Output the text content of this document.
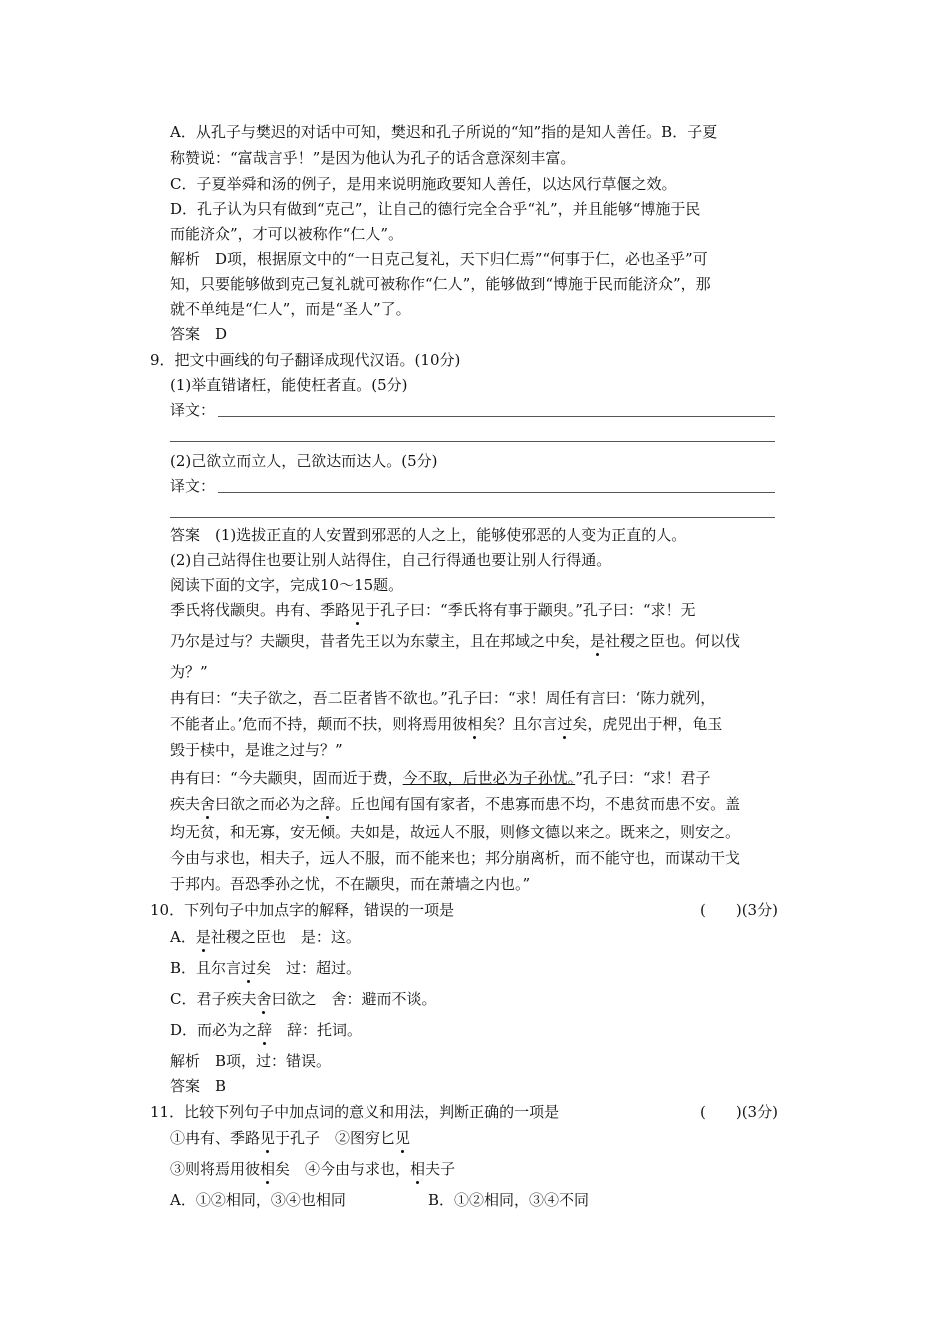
A．从孔子与樊迟的对话中可知，樊迟和孔子所说的“知”指的是知人善任。B．子夏
称赞说：“富哉言乎！”是因为他认为孔子的话含意深刻丰富。
C．子夏举舜和汤的例子，是用来说明施政要知人善任，以达风行草偃之效。
D．孔子认为只有做到“克己”，让自己的德行完全合乎“礼”，并且能够“博施于民
而能济众”，才可以被称作“仁人”。
解析　D项，根据原文中的“一日克己复礼，天下归仁焉”“何事于仁，必也圣乎”可
知，只要能够做到克己复礼就可被称作“仁人”，能够做到“博施于民而能济众”，那
就不单纯是“仁人”，而是“圣人”了。
答案　D
9．把文中画线的句子翻译成现代汉语。(10分)
(1)举直错诸枉，能使枉者直。(5分)
译文：
(2)己欲立而立人，己欲达而达人。(5分)
译文：
答案　(1)选拔正直的人安置到邪恶的人之上，能够使邪恶的人变为正直的人。
(2)自己站得住也要让别人站得住，自己行得通也要让别人行得通。
阅读下面的文字，完成10～15题。
季氏将伐颛臾。冉有、季路见于孔子曰：“季氏将有事于颛臾。”孔子曰：“求！无
乃尔是过与？夫颛臾，昔者先王以为东蒙主，且在邦域之中矣，是社稷之臣也。何以伐
为？”
冉有曰：“夫子欲之，吾二臣者皆不欲也。”孔子曰：“求！周任有言曰：‘陈力就列，
不能者止。’危而不持，颠而不扶，则将焉用彼相矣？且尔言过矣，虎兕出于柙，龟玉
毁于椟中，是谁之过与？”
冉有曰：“今夫颛臾，固而近于费，今不取，后世必为子孙忧。”孔子曰：“求！君子
疾夫舍曰欲之而必为之辞。丘也闻有国有家者，不患寡而患不均，不患贫而患不安。盖
均无贫，和无寡，安无倾。夫如是，故远人不服，则修文德以来之。既来之，则安之。
今由与求也，相夫子，远人不服，而不能来也；邦分崩离析，而不能守也，而谋动干戈
于邦内。吾恐季孙之忧，不在颛臾，而在萧墙之内也。”
10．下列句子中加点字的解释，错误的一项是	(　　)(3分)
A．是社稷之臣也　是：这。
B．且尔言过矣　过：超过。
C．君子疾夫舍曰欲之　舍：避而不谈。
D．而必为之辞　辞：托词。
解析　B项，过：错误。
答案　B
11．比较下列句子中加点词的意义和用法，判断正确的一项是	(　　)(3分)
①冉有、季路见于孔子　②图穷匕见
③则将焉用彼相矣　④今由与求也，相夫子
A．①②相同，③④也相同	B．①②相同，③④不同
